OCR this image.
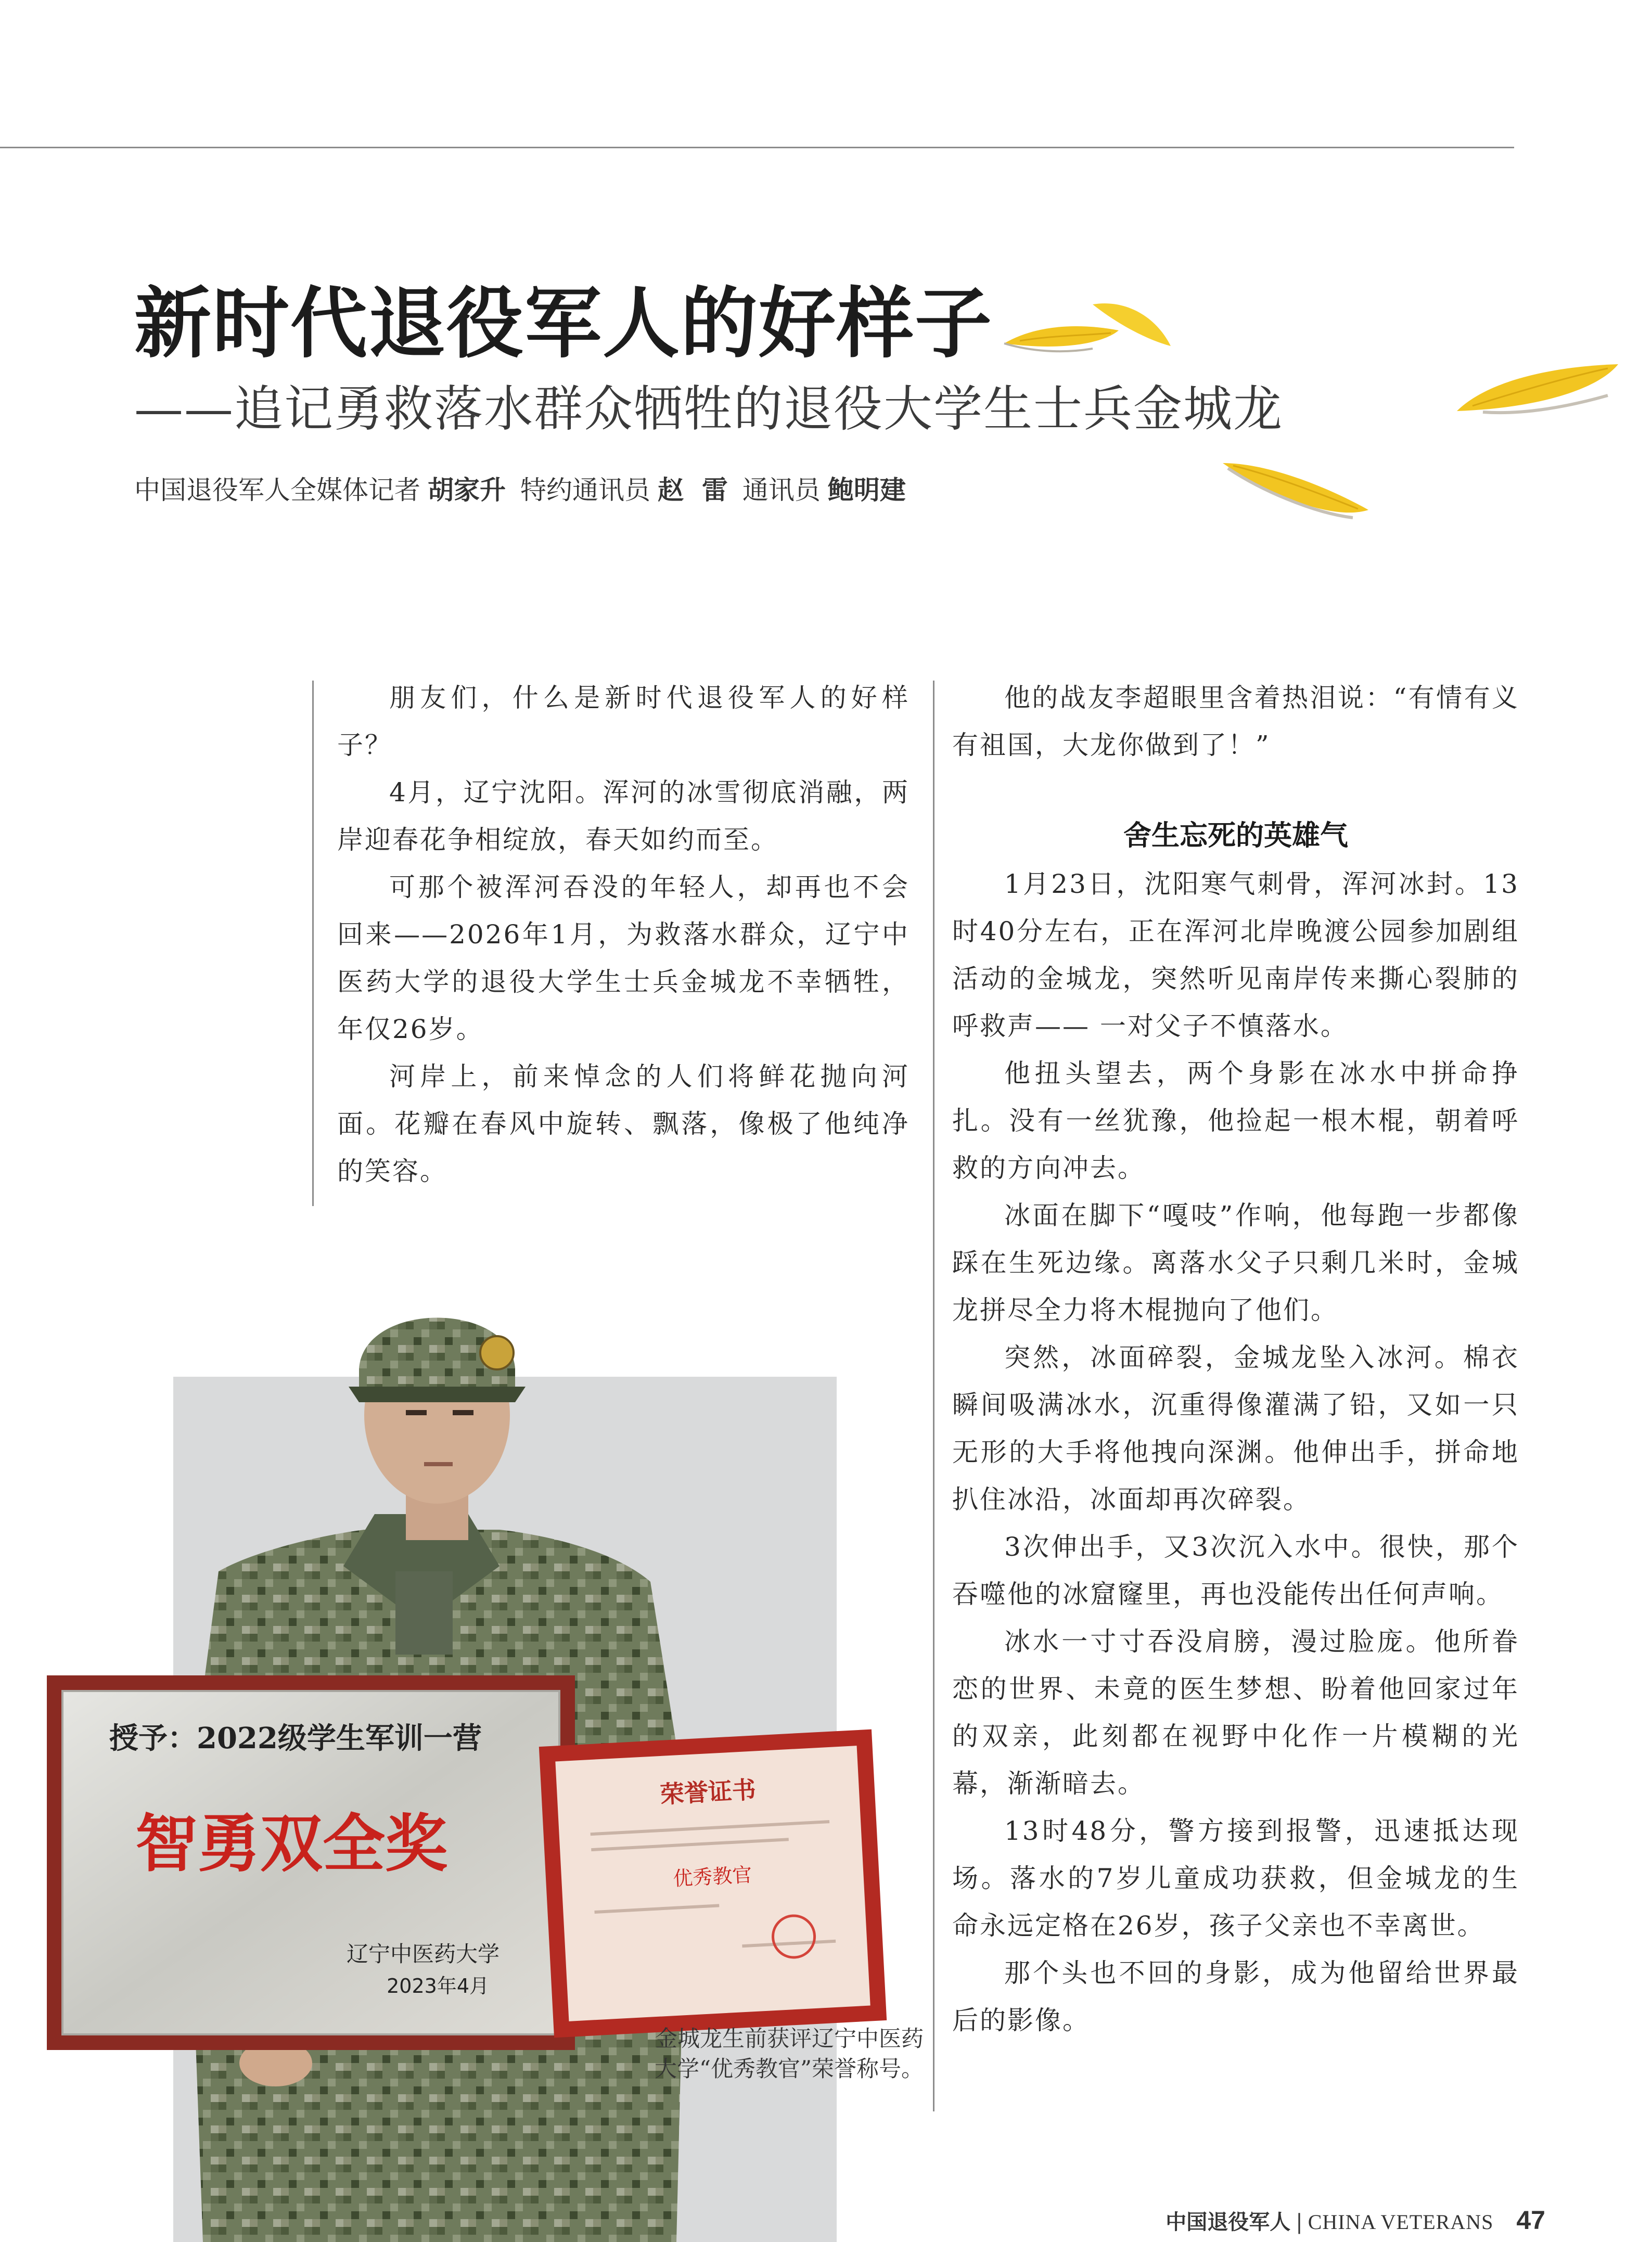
新时代退役军人的好样子
——追记勇救落水群众牺牲的退役大学生士兵金城龙
中国退役军人全媒体记者 胡家升 特约通讯员 赵  雷 通讯员 鲍明建

朋友们，什么是新时代退役军人的好样子？

4月，辽宁沈阳。浑河的冰雪彻底消融，两岸迎春花争相绽放，春天如约而至。

可那个被浑河吞没的年轻人，却再也不会回来——2026年1月，为救落水群众，辽宁中医药大学的退役大学生士兵金城龙不幸牺牲，年仅26岁。

河岸上，前来悼念的人们将鲜花抛向河面。花瓣在春风中旋转、飘落，像极了他纯净的笑容。

他的战友李超眼里含着热泪说：“有情有义有祖国，大龙你做到了！”

舍生忘死的英雄气

1月23日，沈阳寒气刺骨，浑河冰封。13时40分左右，正在浑河北岸晚渡公园参加剧组活动的金城龙，突然听见南岸传来撕心裂肺的呼救声—— 一对父子不慎落水。

他扭头望去，两个身影在冰水中拼命挣扎。没有一丝犹豫，他捡起一根木棍，朝着呼救的方向冲去。

冰面在脚下“嘎吱”作响，他每跑一步都像踩在生死边缘。离落水父子只剩几米时，金城龙拼尽全力将木棍抛向了他们。

突然，冰面碎裂，金城龙坠入冰河。棉衣瞬间吸满冰水，沉重得像灌满了铅，又如一只无形的大手将他拽向深渊。他伸出手，拼命地扒住冰沿，冰面却再次碎裂。

3次伸出手，又3次沉入水中。很快，那个吞噬他的冰窟窿里，再也没能传出任何声响。

冰水一寸寸吞没肩膀，漫过脸庞。他所眷恋的世界、未竟的医生梦想、盼着他回家过年的双亲，此刻都在视野中化作一片模糊的光幕，渐渐暗去。

13时48分，警方接到报警，迅速抵达现场。落水的7岁儿童成功获救，但金城龙的生命永远定格在26岁，孩子父亲也不幸离世。

那个头也不回的身影，成为他留给世界最后的影像。

授予：2022级学生军训一营
智勇双全奖
辽宁中医药大学
2023年4月
荣誉证书
优秀教官
金城龙生前获评辽宁中医药大学“优秀教官”荣誉称号。
中国退役军人 | CHINA VETERANS 47
